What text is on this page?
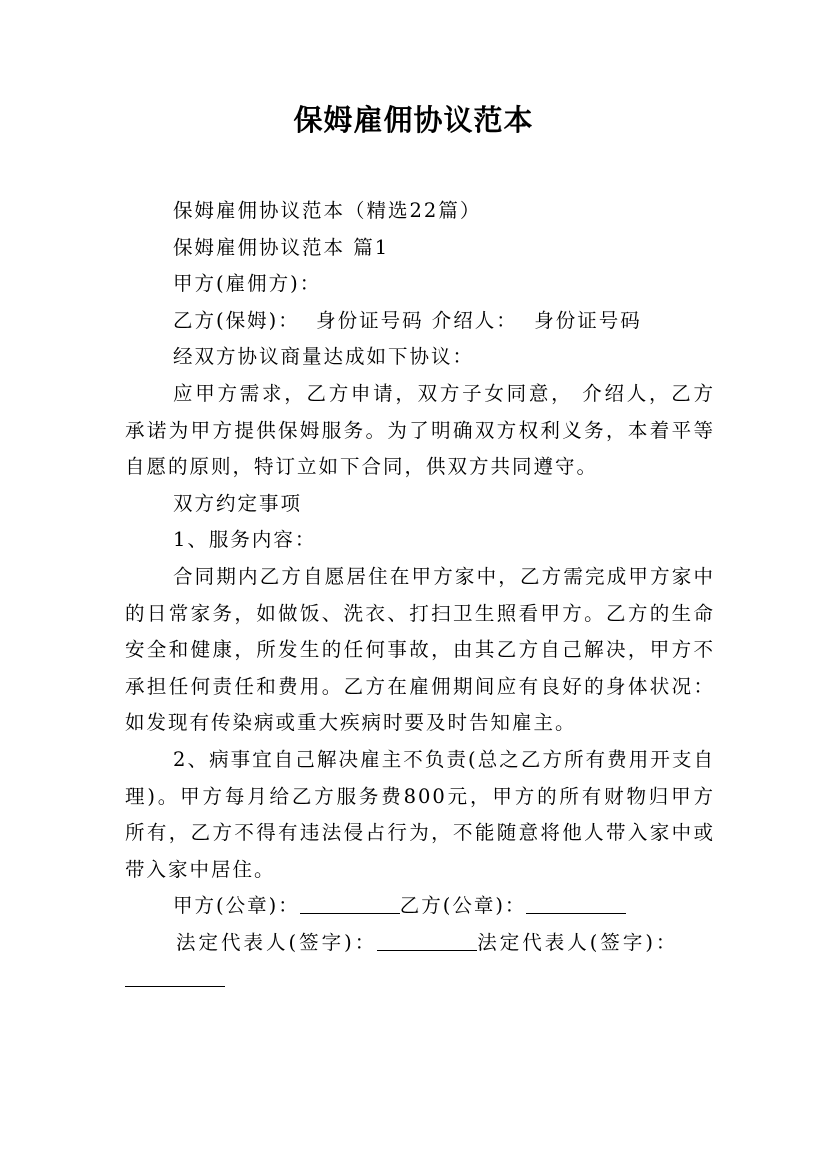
保姆雇佣协议范本

保姆雇佣协议范本（精选22篇）

保姆雇佣协议范本 篇1

甲方(雇佣方)：

乙方(保姆)：  身份证号码 介绍人：  身份证号码

经双方协议商量达成如下协议：

应甲方需求，乙方申请，双方子女同意， 介绍人，乙方承诺为甲方提供保姆服务。为了明确双方权利义务，本着平等自愿的原则，特订立如下合同，供双方共同遵守。

双方约定事项

1、服务内容：

合同期内乙方自愿居住在甲方家中，乙方需完成甲方家中的日常家务，如做饭、洗衣、打扫卫生照看甲方。乙方的生命安全和健康，所发生的任何事故，由其乙方自己解决，甲方不承担任何责任和费用。乙方在雇佣期间应有良好的身体状况：如发现有传染病或重大疾病时要及时告知雇主。

2、病事宜自己解决雇主不负责(总之乙方所有费用开支自理)。甲方每月给乙方服务费800元，甲方的所有财物归甲方所有，乙方不得有违法侵占行为，不能随意将他人带入家中或带入家中居住。

甲方(公章)：	乙方(公章)：

法定代表人(签字)：	法定代表人(签字)：
